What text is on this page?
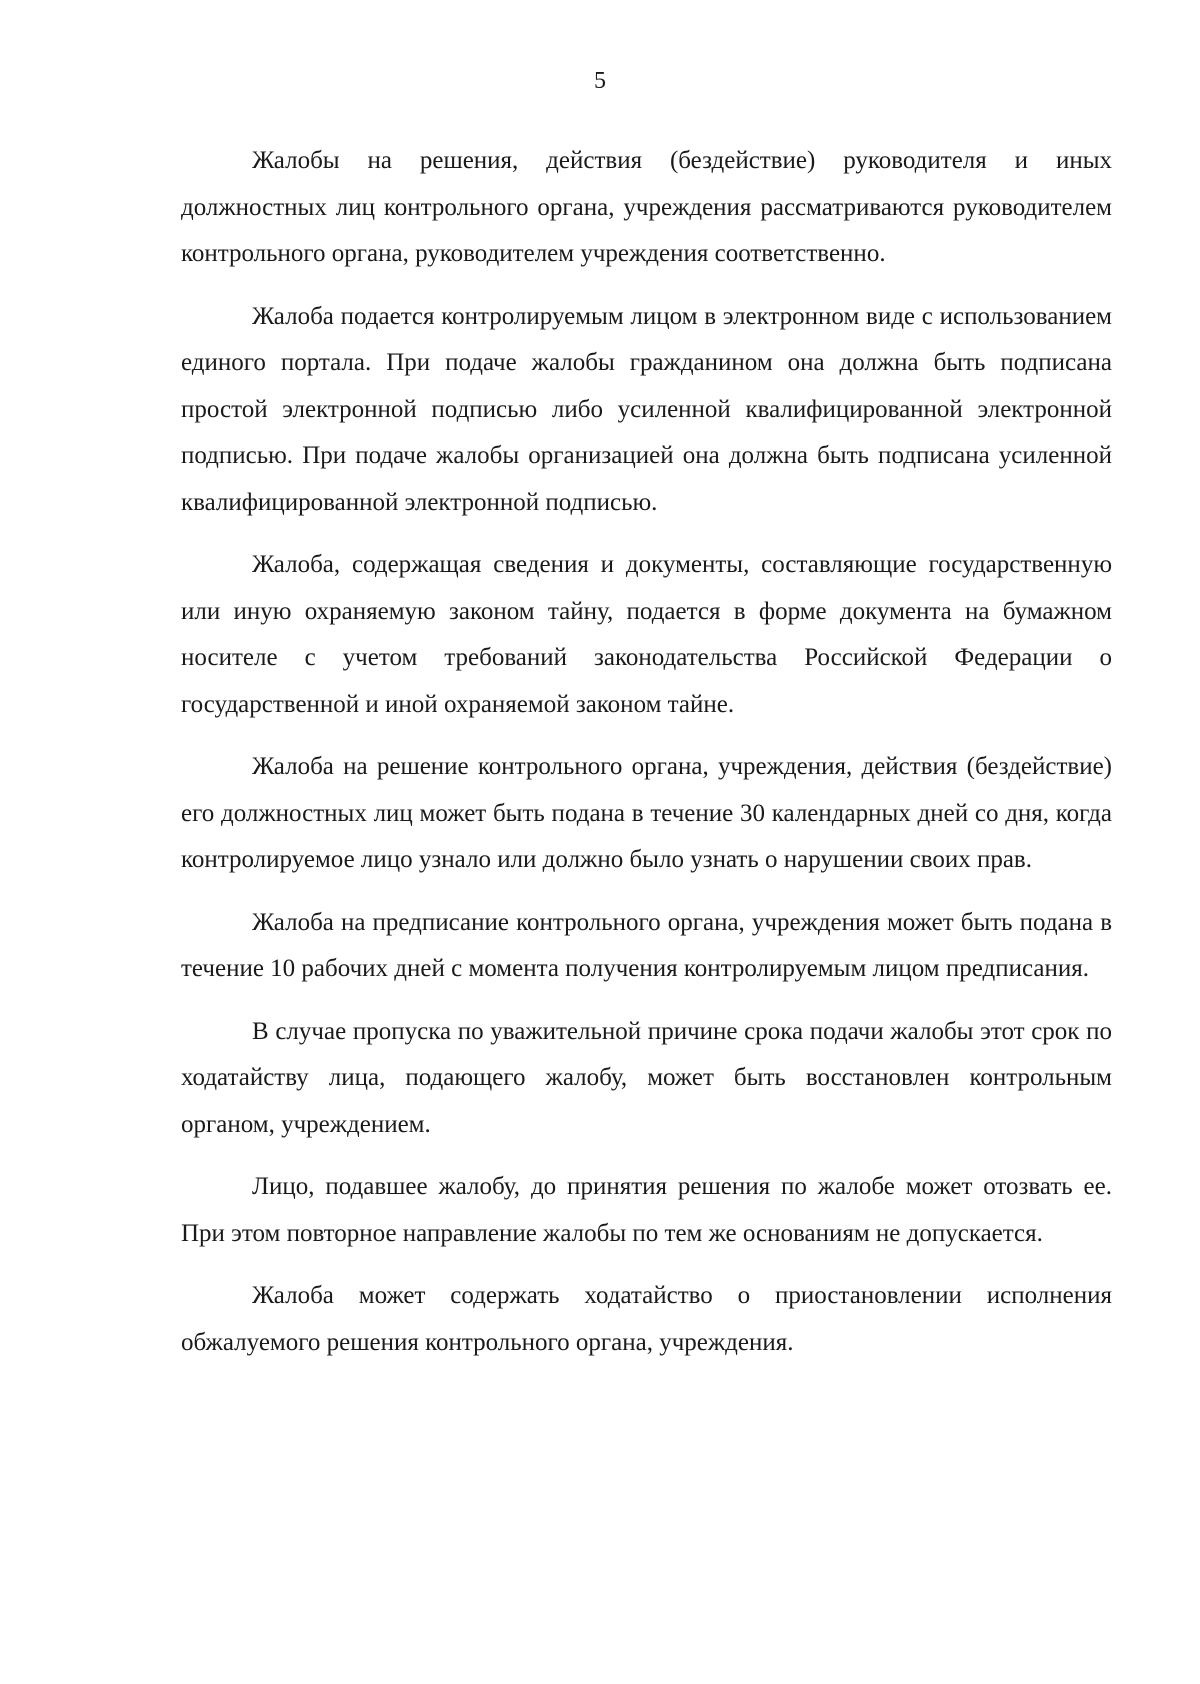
5

Жалобы на решения, действия (бездействие) руководителя и иных должностных лиц контрольного органа, учреждения рассматриваются руководителем контрольного органа, руководителем учреждения соответственно.

Жалоба подается контролируемым лицом в электронном виде с использованием единого портала. При подаче жалобы гражданином она должна быть подписана простой электронной подписью либо усиленной квалифицированной электронной подписью. При подаче жалобы организацией она должна быть подписана усиленной квалифицированной электронной подписью.

Жалоба, содержащая сведения и документы, составляющие государственную или иную охраняемую законом тайну, подается в форме документа на бумажном носителе с учетом требований законодательства Российской Федерации о государственной и иной охраняемой законом тайне.

Жалоба на решение контрольного органа, учреждения, действия (бездействие) его должностных лиц может быть подана в течение 30 календарных дней со дня, когда контролируемое лицо узнало или должно было узнать о нарушении своих прав.

Жалоба на предписание контрольного органа, учреждения может быть подана в течение 10 рабочих дней с момента получения контролируемым лицом предписания.

В случае пропуска по уважительной причине срока подачи жалобы этот срок по ходатайству лица, подающего жалобу, может быть восстановлен контрольным органом, учреждением.

Лицо, подавшее жалобу, до принятия решения по жалобе может отозвать ее. При этом повторное направление жалобы по тем же основаниям не допускается.

Жалоба может содержать ходатайство о приостановлении исполнения обжалуемого решения контрольного органа, учреждения.
